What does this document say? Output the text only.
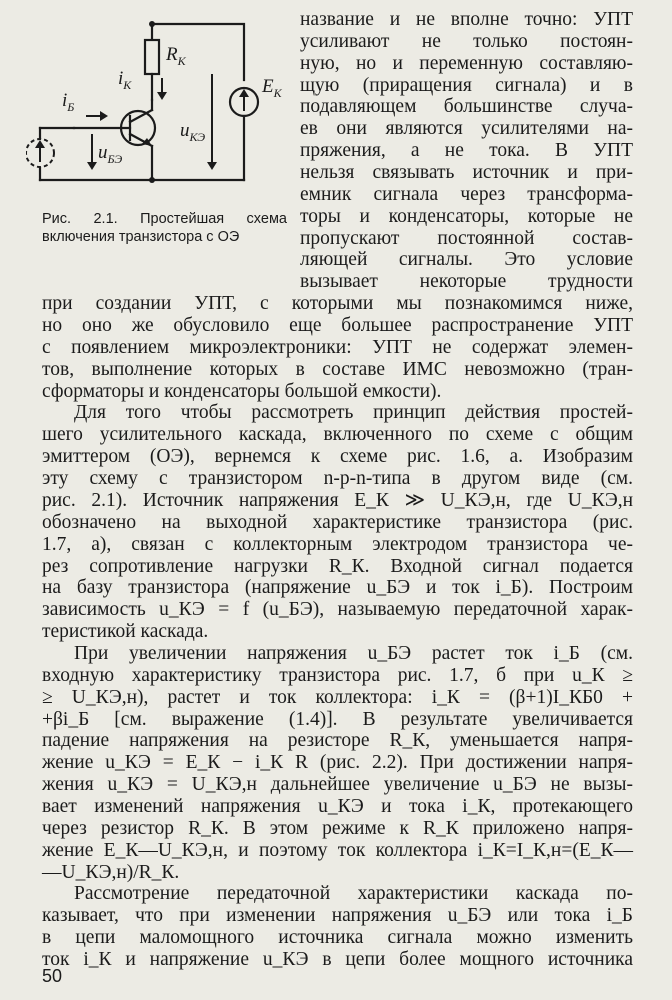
$R_К$
$E_К$
$i_К$
$i_Б$
$u_{КЭ}$
$u_{БЭ}$
Рис. 2.1. Простейшая схема включения транзистора с ОЭ
название и не вполне точно: УПТ
усиливают не только постоян-
ную, но и переменную составляю-
щую (приращения сигнала) и в
подавляющем большинстве случа-
ев они являются усилителями на-
пряжения, а не тока. В УПТ
нельзя связывать источник и при-
емник сигнала через трансформа-
торы и конденсаторы, которые не
пропускают постоянной состав-
ляющей сигналы. Это условие
вызывает некоторые трудности
при создании УПТ, с которыми мы познакомимся ниже,
но оно же обусловило еще большее распространение УПТ
с появлением микроэлектроники: УПТ не содержат элемен-
тов, выполнение которых в составе ИМС невозможно (тран-
сформаторы и конденсаторы большой емкости).
Для того чтобы рассмотреть принцип действия простей-
шего усилительного каскада, включенного по схеме с общим
эмиттером (ОЭ), вернемся к схеме рис. 1.6, а. Изобразим
эту схему с транзистором n-p-n-типа в другом виде (см.
рис. 2.1). Источник напряжения E_К ≫ U_КЭ,н, где U_КЭ,н
обозначено на выходной характеристике транзистора (рис.
1.7, а), связан с коллекторным электродом транзистора че-
рез сопротивление нагрузки R_К. Входной сигнал подается
на базу транзистора (напряжение u_БЭ и ток i_Б). Построим
зависимость u_КЭ = f (u_БЭ), называемую передаточной харак-
теристикой каскада.
При увеличении напряжения u_БЭ растет ток i_Б (см.
входную характеристику транзистора рис. 1.7, б при u_К ≥
≥ U_КЭ,н), растет и ток коллектора: i_К = (β+1)I_КБ0 +
+βi_Б [см. выражение (1.4)]. В результате увеличивается
падение напряжения на резисторе R_К, уменьшается напря-
жение u_КЭ = E_К − i_К R (рис. 2.2). При достижении напря-
жения u_КЭ = U_КЭ,н дальнейшее увеличение u_БЭ не вызы-
вает изменений напряжения u_КЭ и тока i_К, протекающего
через резистор R_К. В этом режиме к R_К приложено напря-
жение E_К—U_КЭ,н, и поэтому ток коллектора i_К=I_К,н=(E_К—
—U_КЭ,н)/R_К.
Рассмотрение передаточной характеристики каскада по-
казывает, что при изменении напряжения u_БЭ или тока i_Б
в цепи маломощного источника сигнала можно изменить
ток i_К и напряжение u_КЭ в цепи более мощного источника
50
